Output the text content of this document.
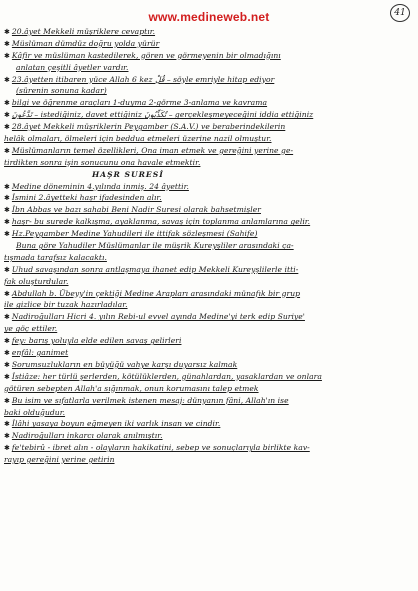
www.medineweb.net	41
✱ 20.âyet Mekkeli müşriklere cevaptır.
✱ Müslüman dümdüz doğru yolda yürür
✱ Kâfir ve müslüman kastedilerek, gören ve görmeyenin bir olmadığını
anlatan çeşitli âyetler vardır.
✱ 23.âyetten itibaren yüce Allah 6 kez قُلْ – söyle emriyle hitap ediyor
(sürenin sonuna kadar)
✱ bilgi ve öğrenme araçları 1-duyma 2-görme 3-anlama ve kavrama
✱ تَدَّعُونَ – istediğiniz, davet ettiğiniz تُكَذِّبُونَ – gerçekleşmeyeceğini iddia ettiğiniz
✱ 28.âyet Mekkeli müşriklerin Peygamber (S.A.V.) ve beraberindekilerin
helâk olmaları, ölmeleri için beddua etmeleri üzerine nazil olmuştur.
✱ Müslümanların temel özellikleri, Ona iman etmek ve gereğini yerine ge-
tirdikten sonra işin sonucunu ona havale etmektir.
HAŞR SURESİ
✱ Medine döneminin 4.yılında inmiş. 24 âyettir.
✱ İsmini 2.âyetteki haşr ifadesinden alır.
✱ İbn Abbas ve bazı sahabi Beni Nadir Suresi olarak bahsetmişler
✱ haşr- bu surede kalkışma, ayaklanma, savaş için toplanma anlamlarına gelir.
✱ Hz.Peygamber Medine Yahudileri ile ittifak sözleşmesi (Sahife)
Buna göre Yahudiler Müslümanlar ile müşrik Kureyşliler arasındaki ça-
tışmada tarafsız kalacaktı.
✱ Uhud savaşından sonra antlaşmaya ihanet edip Mekkeli Kureyşlilerle itti-
fak oluşturdular.
✱ Abdullah b. Übeyy'in çektiği Medine Arapları arasındaki münafık bir grup
ile gizlice bir tuzak hazırladılar.
✱ Nadiroğulları Hicri 4. yılın Rebi-ul evvel ayında Medine'yi terk edip Suriye'
ye göç ettiler.
✱ fey: barış yoluyla elde edilen savaş gelirleri
✱ enfâl: ganimet
✱ Sorumsuzlukların en büyüğü vahye karşı duyarsız kalmak
✱ İstiâze: her türlü şerlerden, kötülüklerden, günahlardan, yasaklardan ve onlara
götüren sebepten Allah'a sığınmak, onun korumasını talep etmek
✱ Bu isim ve sıfatlarla verilmek istenen mesaj: dünyanın fâni, Allah'ın ise
baki olduğudur.
✱ İlâhi yasaya boyun eğmeyen iki varlık insan ve cindir.
✱ Nadiroğulları inkarcı olarak anılmıştır.
✱ fe'tebirû - ibret alın - olayların hakikatini, sebep ve sonuçlarıyla birlikte kav-
rayıp gereğini yerine getirin
